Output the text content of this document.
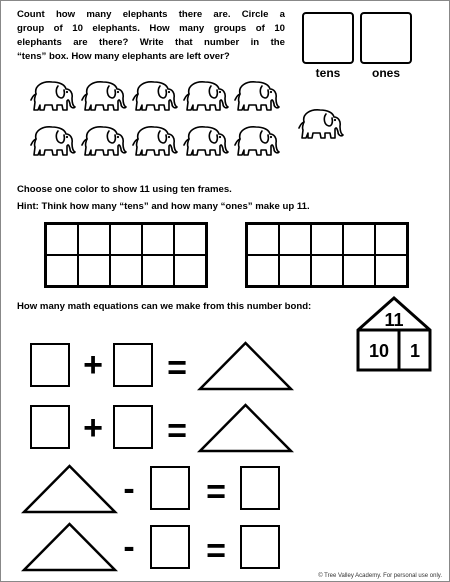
Count how many elephants there are. Circle a
group of 10 elephants. How many groups of 10
elephants are there? Write that number in the
“tens” box. How many elephants are left over?

tens	ones

Choose one color to show 11 using ten frames.
Hint: Think how many “tens” and how many “ones” make up 11.

How many math equations can we make from this number bond:

11
10	1
+ =
+ =
- =
- =
© Tree Valley Academy. For personal use only.
